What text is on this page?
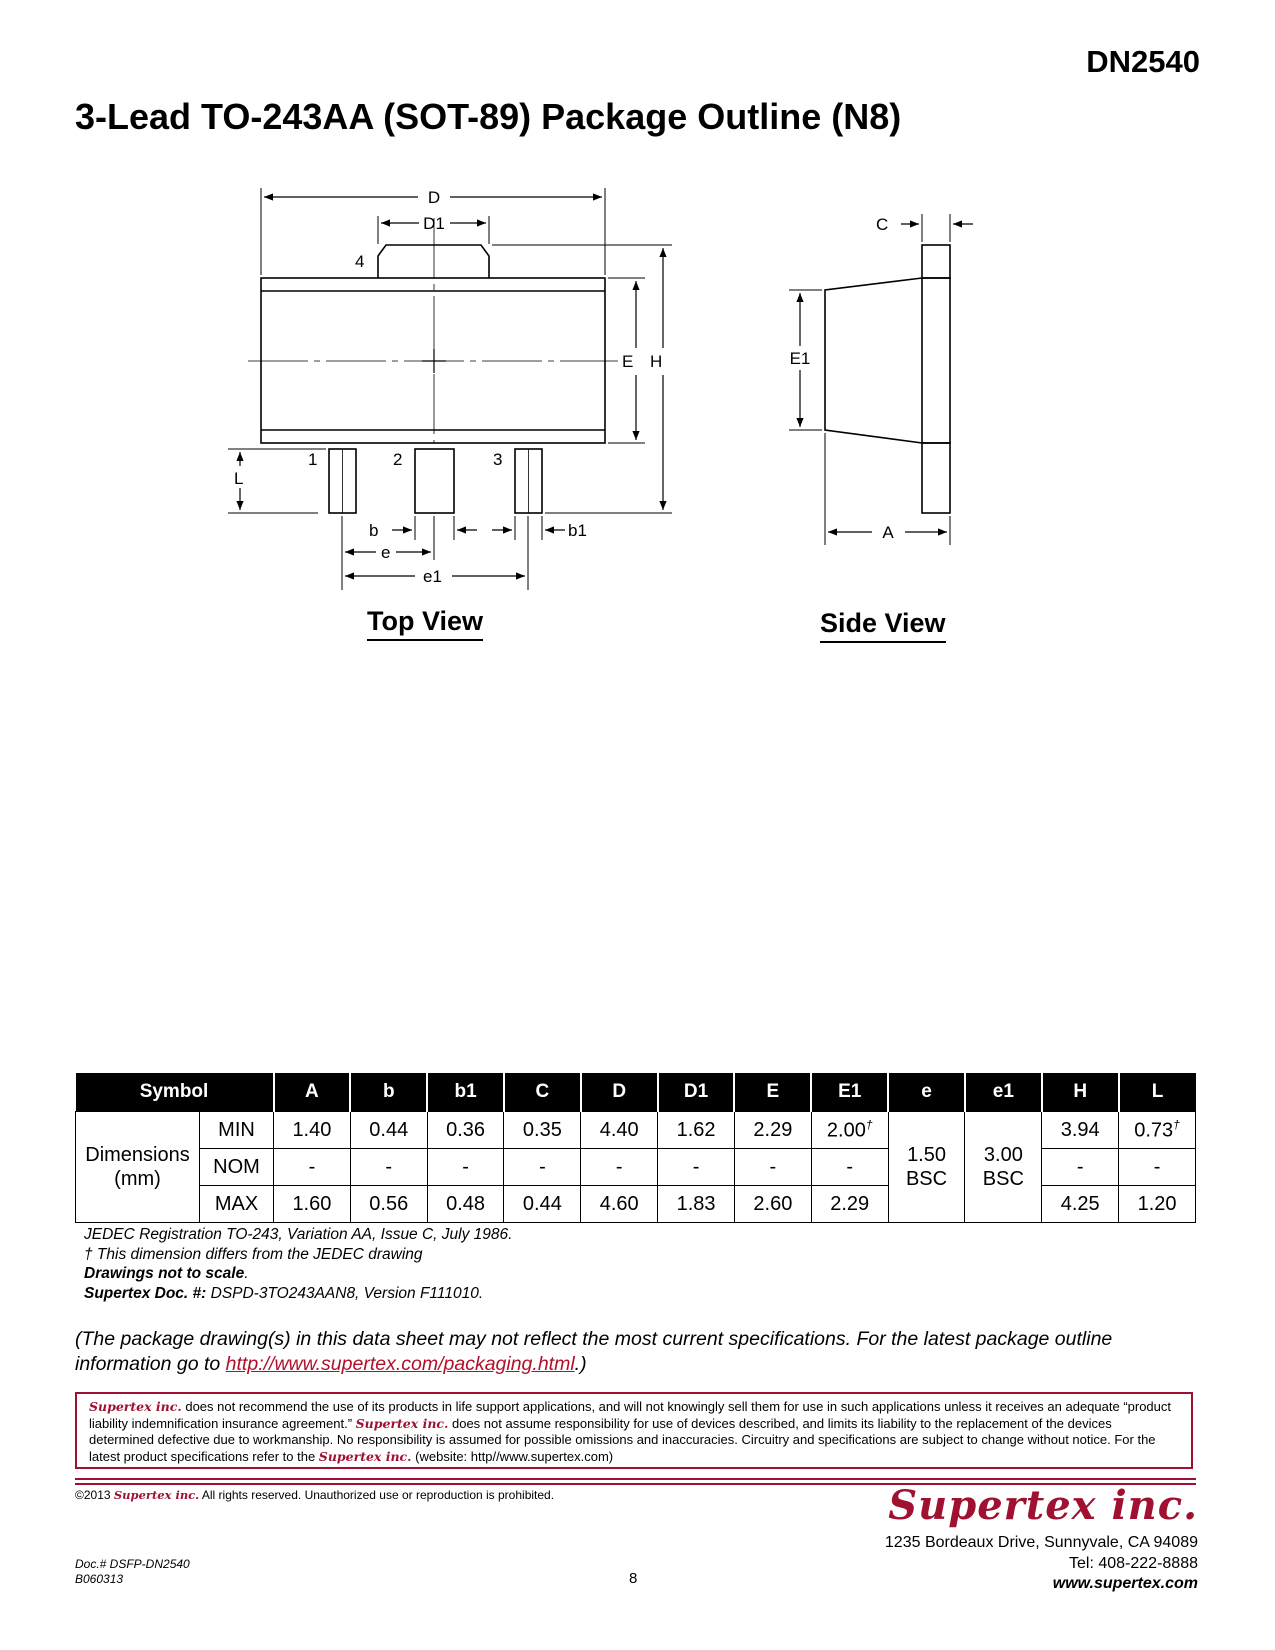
DN2540
3-Lead TO-243AA (SOT-89) Package Outline (N8)
D
D1
4
E H
1	2	3
L
b	b1
e
e1
C
E1
A
Top View	Side View
Symbol		A	b	b1	C	D	D1	E	E1	e	e1	H	L
Dimensions (mm)	MIN	1.40	0.44	0.36	0.35	4.40	1.62	2.29	2.00†	1.50 BSC	3.00 BSC	3.94	0.73†
	NOM	-	-	-	-	-	-	-	-			-	-
	MAX	1.60	0.56	0.48	0.44	4.60	1.83	2.60	2.29			4.25	1.20
JEDEC Registration TO-243, Variation AA, Issue C, July 1986.
† This dimension differs from the JEDEC drawing
Drawings not to scale.
Supertex Doc. #: DSPD-3TO243AAN8, Version F111010.
(The package drawing(s) in this data sheet may not reflect the most current specifications. For the latest package outline information go to http://www.supertex.com/packaging.html.)
Supertex inc. does not recommend the use of its products in life support applications, and will not knowingly sell them for use in such applications unless it receives an adequate “product liability indemnification insurance agreement.” Supertex inc. does not assume responsibility for use of devices described, and limits its liability to the replacement of the devices determined defective due to workmanship. No responsibility is assumed for possible omissions and inaccuracies. Circuitry and specifications are subject to change without notice. For the latest product specifications refer to the Supertex inc. (website: http//www.supertex.com)
©2013 Supertex inc. All rights reserved. Unauthorized use or reproduction is prohibited.	Supertex inc.
1235 Bordeaux Drive, Sunnyvale, CA 94089
Tel: 408-222-8888
www.supertex.com
Doc.# DSFP-DN2540
B060313	8
